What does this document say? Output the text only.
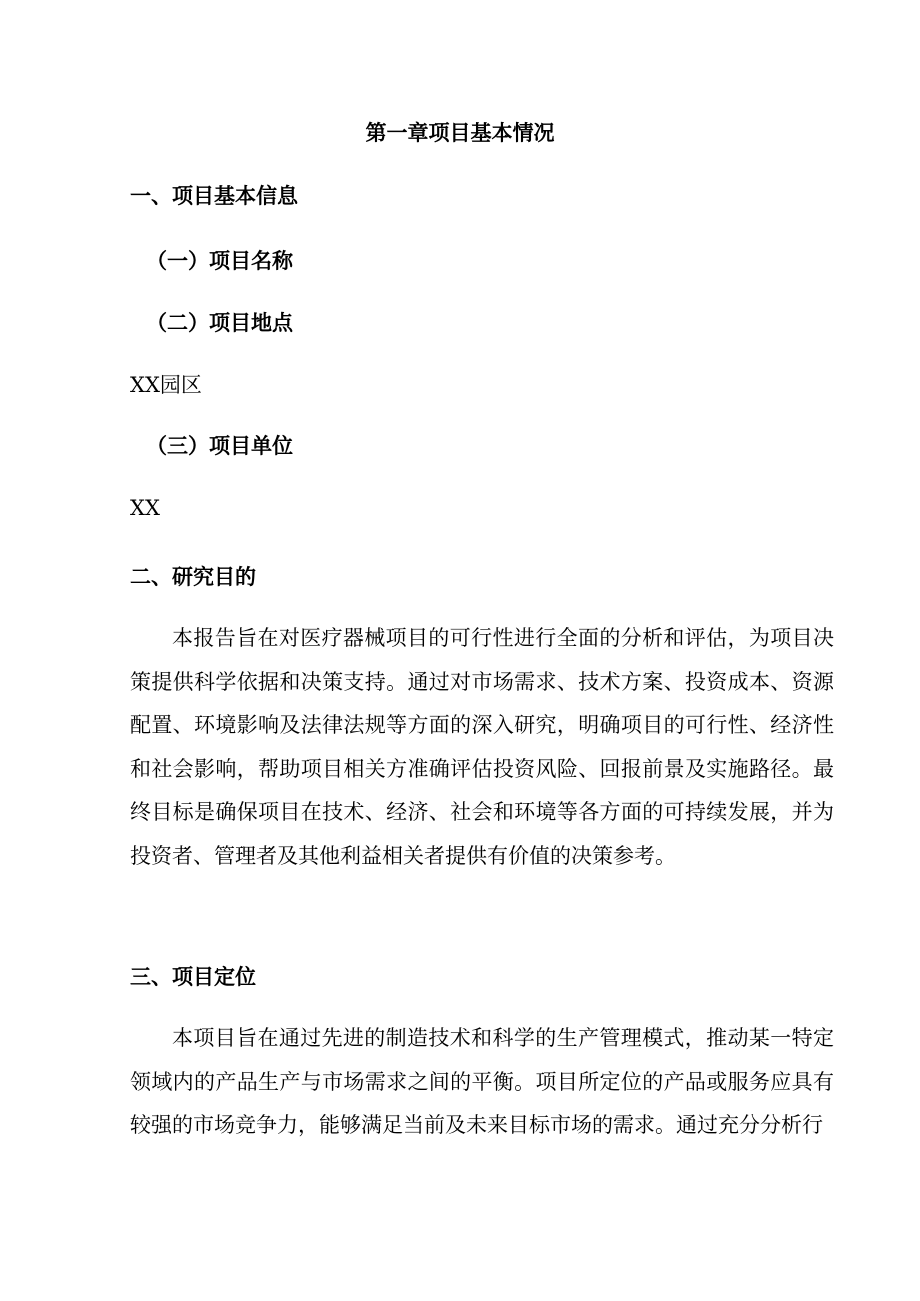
第一章项目基本情况
一、项目基本信息
（一）项目名称
（二）项目地点
XX园区
（三）项目单位
XX
二、研究目的

本报告旨在对医疗器械项目的可行性进行全面的分析和评估，为项目决策提供科学依据和决策支持。通过对市场需求、技术方案、投资成本、资源配置、环境影响及法律法规等方面的深入研究，明确项目的可行性、经济性和社会影响，帮助项目相关方准确评估投资风险、回报前景及实施路径。最终目标是确保项目在技术、经济、社会和环境等各方面的可持续发展，并为投资者、管理者及其他利益相关者提供有价值的决策参考。

三、项目定位

本项目旨在通过先进的制造技术和科学的生产管理模式，推动某一特定领域内的产品生产与市场需求之间的平衡。项目所定位的产品或服务应具有较强的市场竞争力，能够满足当前及未来目标市场的需求。通过充分分析行
